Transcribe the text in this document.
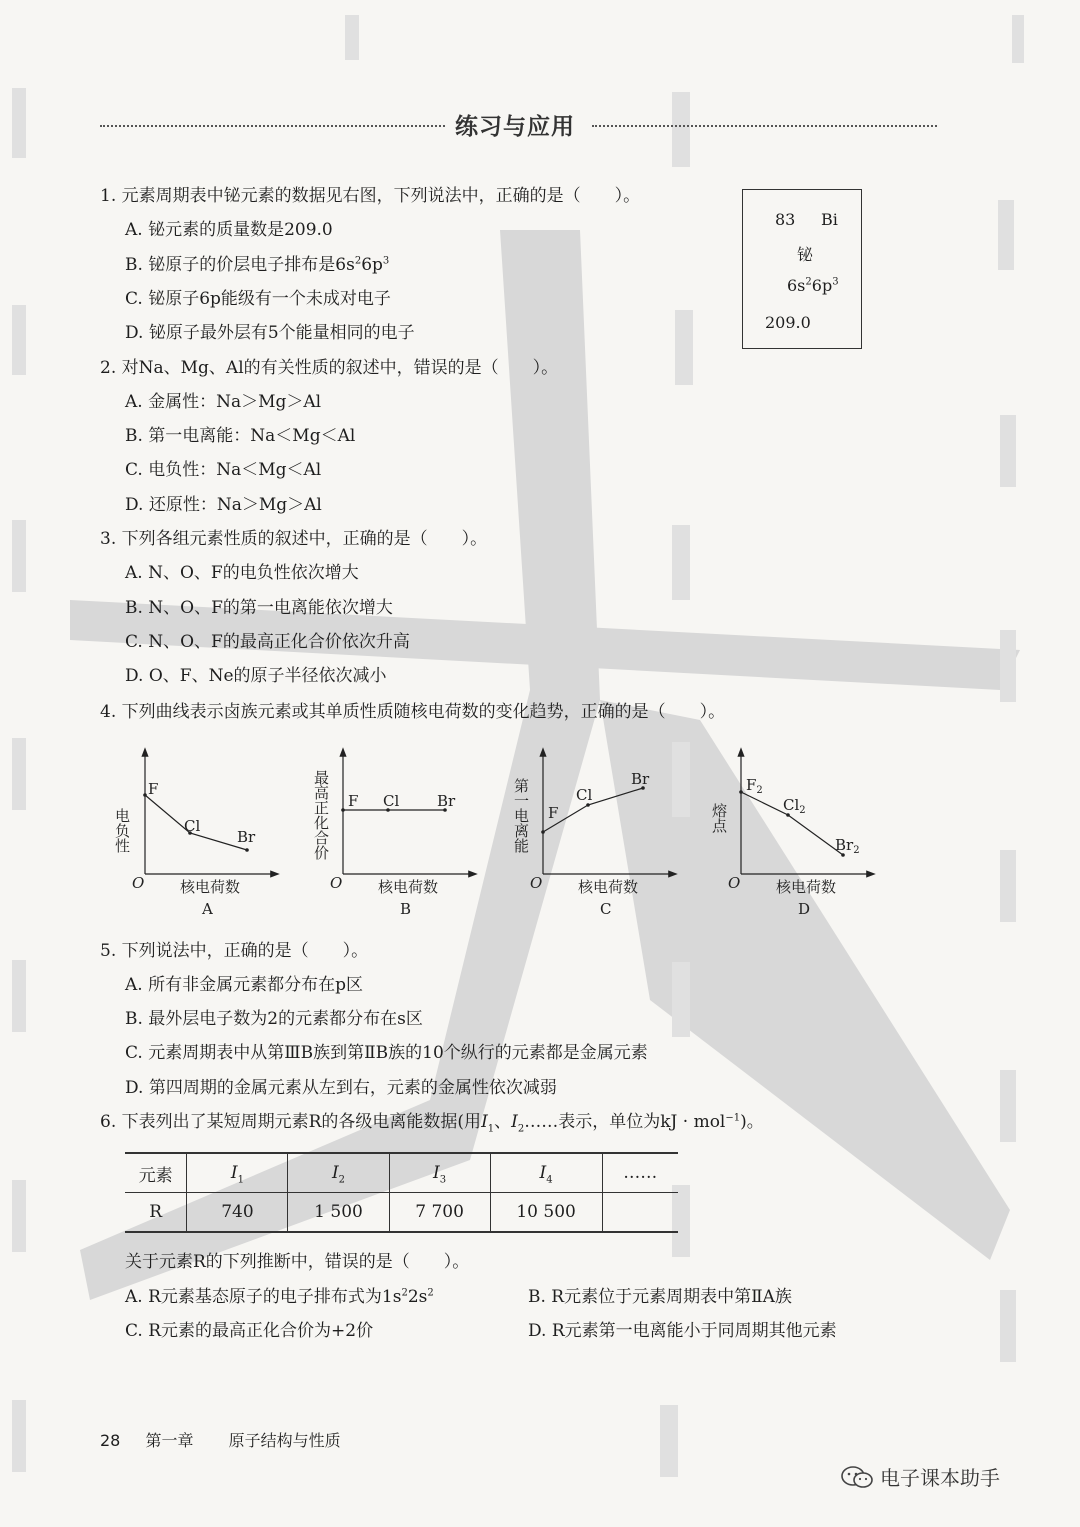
练习与应用
83 Bi
铋
$6s^26p^3$
209.0
1. 元素周期表中铋元素的数据见右图，下列说法中，正确的是（　　）。
A. 铋元素的质量数是209.0
B. 铋原子的价层电子排布是$6s^26p^3$
C. 铋原子6p能级有一个未成对电子
D. 铋原子最外层有5个能量相同的电子
2. 对Na、Mg、Al的有关性质的叙述中，错误的是（　　）。
A. 金属性：Na＞Mg＞Al
B. 第一电离能：Na＜Mg＜Al
C. 电负性：Na＜Mg＜Al
D. 还原性：Na＞Mg＞Al
3. 下列各组元素性质的叙述中，正确的是（　　）。
A. N、O、F的电负性依次增大
B. N、O、F的第一电离能依次增大
C. N、O、F的最高正化合价依次升高
D. O、F、Ne的原子半径依次减小
4. 下列曲线表示卤族元素或其单质性质随核电荷数的变化趋势，正确的是（　　）。
F
Cl
Br
电负性
O 核电荷数
A
F Cl	Br
最高正化合价
O 核电荷数
B
F
Cl
Br
第一电离能
O 核电荷数
C
$F_2$
$Cl_2$
$Br_2$
熔点
O 核电荷数
D
5. 下列说法中，正确的是（　　）。
A. 所有非金属元素都分布在p区
B. 最外层电子数为2的元素都分布在s区
C. 元素周期表中从第ⅢB族到第ⅡB族的10个纵行的元素都是金属元素
D. 第四周期的金属元素从左到右，元素的金属性依次减弱
6. 下表列出了某短周期元素R的各级电离能数据(用$I_1$、$I_2\dots\dots$表示，单位为kJ · mol$^{-1}$)。
元素	$I_1$	$I_2$	$I_3$	$I_4$	……
R	740	1 500	7 700	10 500	
关于元素R的下列推断中，错误的是（　　）。
A. R元素基态原子的电子排布式为$1s^22s^2$	B. R元素位于元素周期表中第ⅡA族
C. R元素的最高正化合价为+2价	D. R元素第一电离能小于同周期其他元素
28 第一章 原子结构与性质
电子课本助手
